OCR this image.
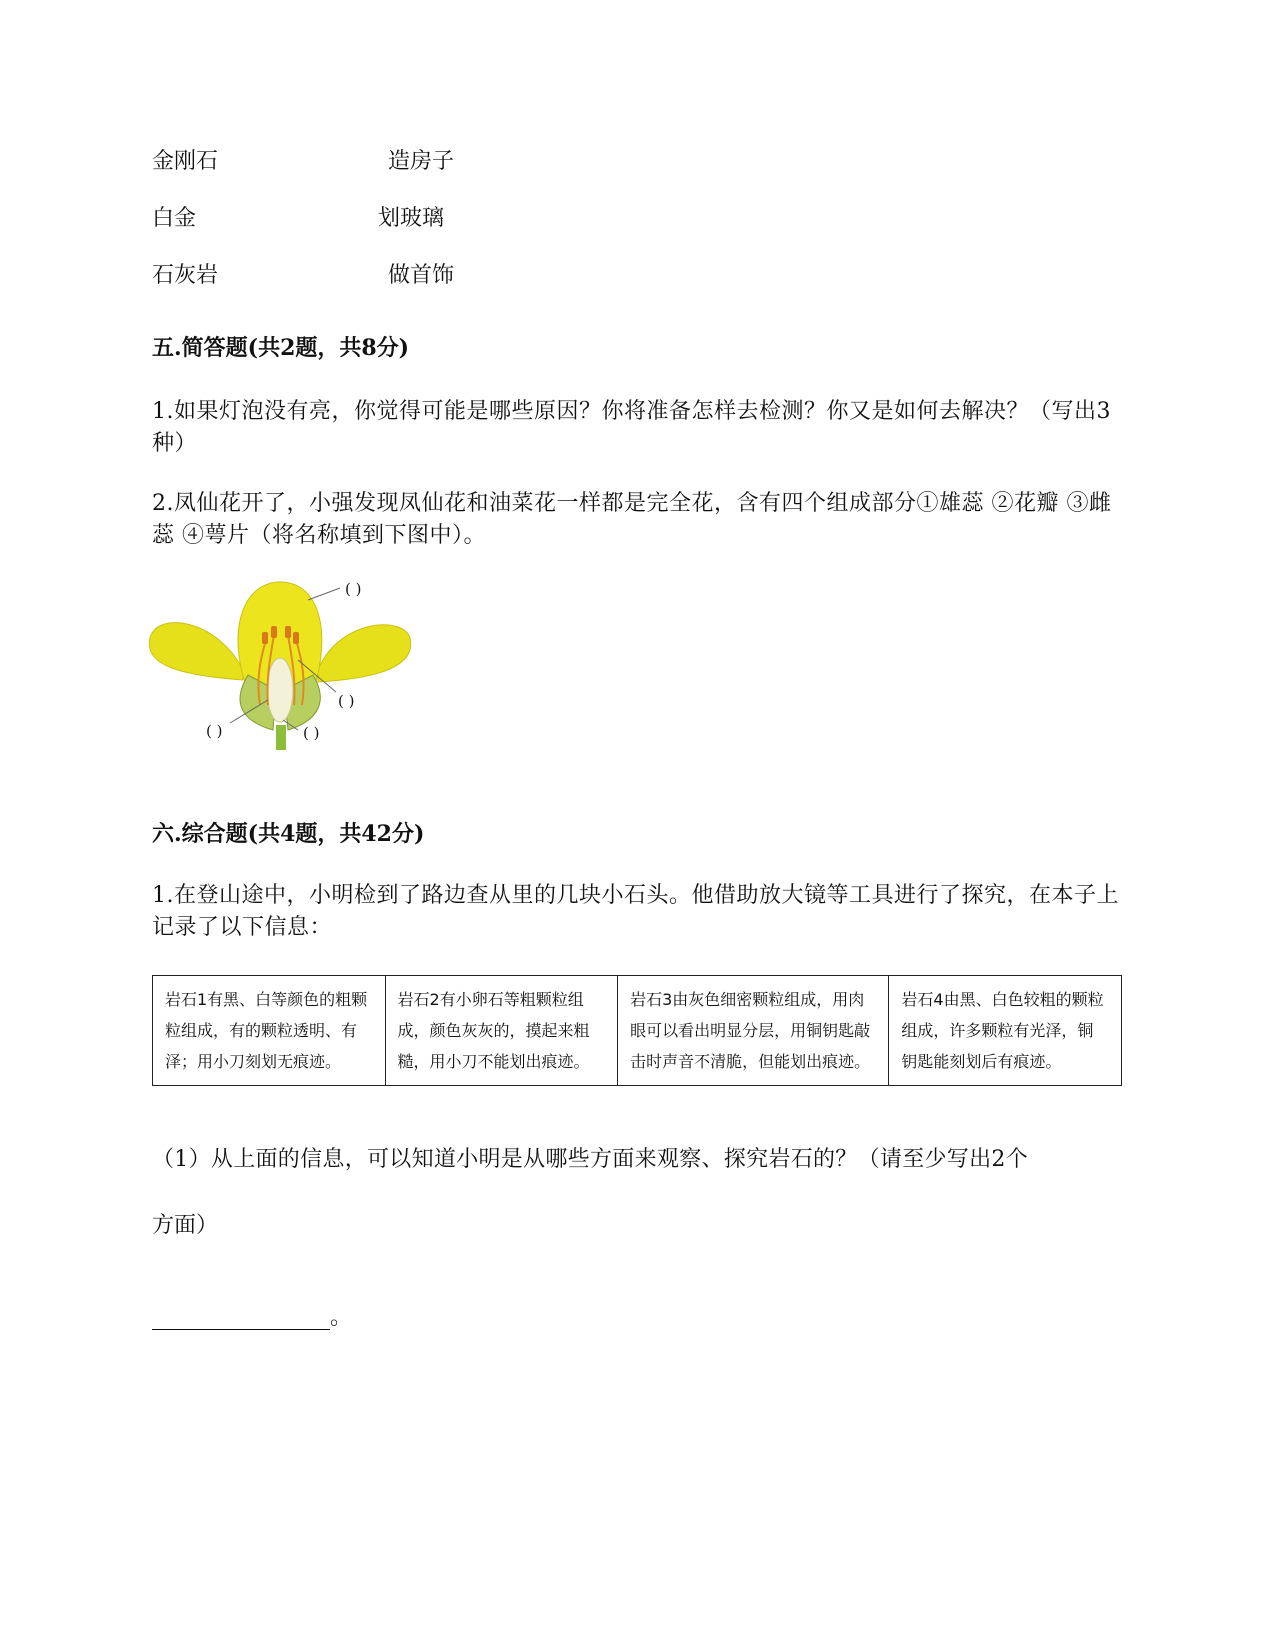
金刚石	造房子
白金	划玻璃
石灰岩	做首饰
五.简答题(共2题，共8分)
1.如果灯泡没有亮，你觉得可能是哪些原因？你将准备怎样去检测？你又是如何去解决？（写出3种）
2.凤仙花开了，小强发现凤仙花和油菜花一样都是完全花，含有四个组成部分①雄蕊 ②花瓣 ③雌蕊 ④萼片（将名称填到下图中）。
( )
( )
( )	( )
六.综合题(共4题，共42分)
1.在登山途中，小明检到了路边查从里的几块小石头。他借助放大镜等工具进行了探究，在本子上记录了以下信息：
岩石1有黑、白等颜色的粗颗粒组成，有的颗粒透明、有泽；用小刀刻划无痕迹。	岩石2有小卵石等粗颗粒组成，颜色灰灰的，摸起来粗糙，用小刀不能划出痕迹。	岩石3由灰色细密颗粒组成，用肉眼可以看出明显分层，用铜钥匙敲击时声音不清脆，但能划出痕迹。	岩石4由黑、白色较粗的颗粒组成，许多颗粒有光泽，铜钥匙能刻划后有痕迹。
（1）从上面的信息，可以知道小明是从哪些方面来观察、探究岩石的？（请至少写出2个
方面）
。
